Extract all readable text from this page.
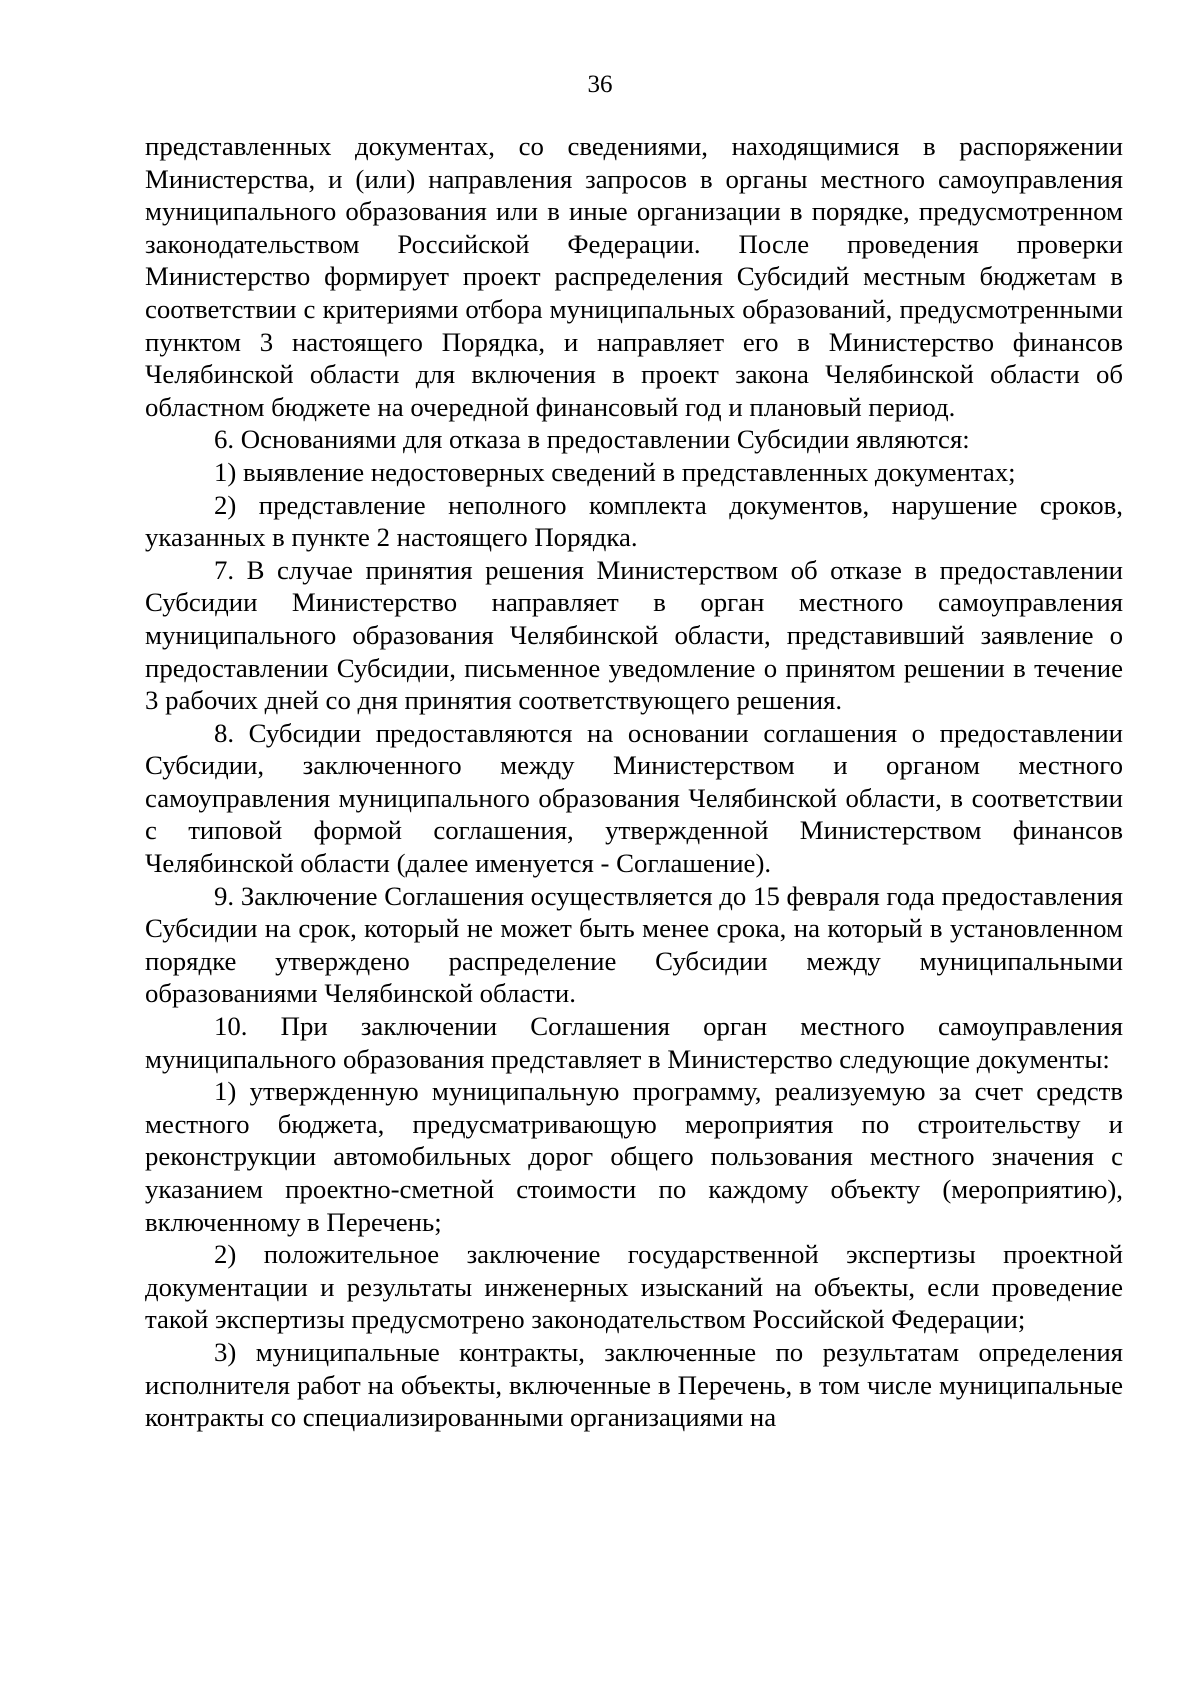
36

представленных документах, со сведениями, находящимися в распоряжении Министерства, и (или) направления запросов в органы местного самоуправления муниципального образования или в иные организации в порядке, предусмотренном законодательством Российской Федерации. После проведения проверки Министерство формирует проект распределения Субсидий местным бюджетам в соответствии с критериями отбора муниципальных образований, предусмотренными пунктом 3 настоящего Порядка, и направляет его в Министерство финансов Челябинской области для включения в проект закона Челябинской области об областном бюджете на очередной финансовый год и плановый период.

6. Основаниями для отказа в предоставлении Субсидии являются:

1) выявление недостоверных сведений в представленных документах;

2) представление неполного комплекта документов, нарушение сроков, указанных в пункте 2 настоящего Порядка.

7. В случае принятия решения Министерством об отказе в предоставлении Субсидии Министерство направляет в орган местного самоуправления муниципального образования Челябинской области, представивший заявление о предоставлении Субсидии, письменное уведомление о принятом решении в течение 3 рабочих дней со дня принятия соответствующего решения.

8. Субсидии предоставляются на основании соглашения о предоставлении Субсидии, заключенного между Министерством и органом местного самоуправления муниципального образования Челябинской области, в соответствии с типовой формой соглашения, утвержденной Министерством финансов Челябинской области (далее именуется - Соглашение).

9. Заключение Соглашения осуществляется до 15 февраля года предоставления Субсидии на срок, который не может быть менее срока, на который в установленном порядке утверждено распределение Субсидии между муниципальными образованиями Челябинской области.

10. При заключении Соглашения орган местного самоуправления муниципального образования представляет в Министерство следующие документы:

1) утвержденную муниципальную программу, реализуемую за счет средств местного бюджета, предусматривающую мероприятия по строительству и реконструкции автомобильных дорог общего пользования местного значения с указанием проектно-сметной стоимости по каждому объекту (мероприятию), включенному в Перечень;

2) положительное заключение государственной экспертизы проектной документации и результаты инженерных изысканий на объекты, если проведение такой экспертизы предусмотрено законодательством Российской Федерации;

3) муниципальные контракты, заключенные по результатам определения исполнителя работ на объекты, включенные в Перечень, в том числе муниципальные контракты со специализированными организациями на
